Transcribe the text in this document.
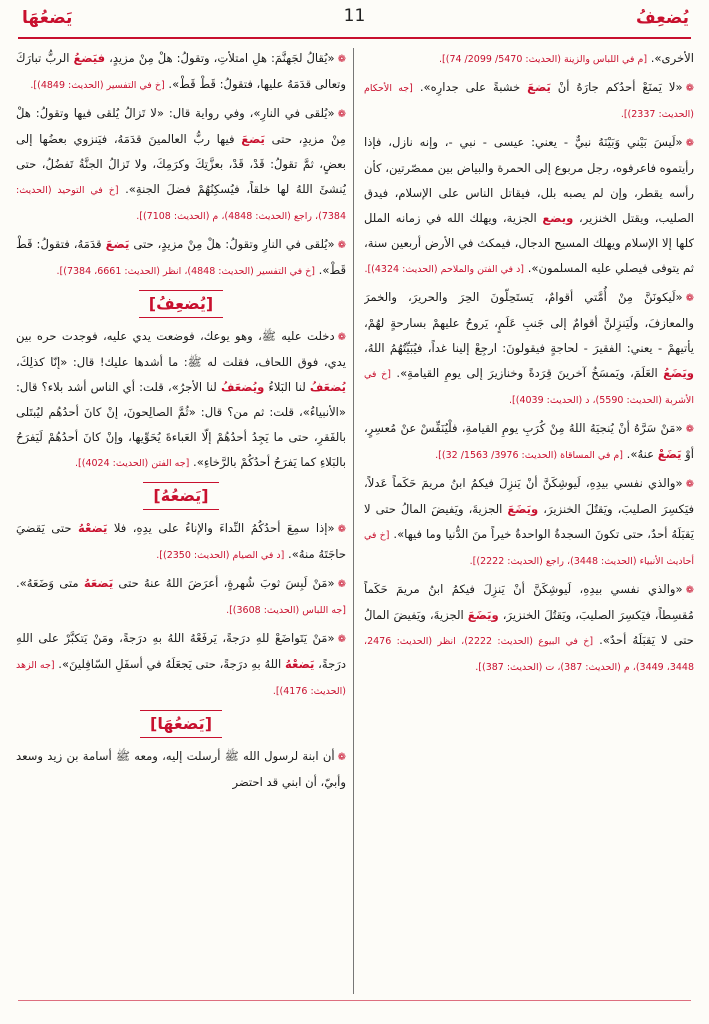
يُضعِفُ
11
يَضعُهَا

الأخرى». [م في اللباس والزينة (الحديث: 5470/ 2099/ 74)].

❁«لا يَمنَعْ أحدُكم جارَهُ أنْ يَضعَ خشبةً على جدارِه». [جه الأحكام (الحديث: 2337)].

❁«لَيسَ بَيْني وَبَيْنَهُ نبيٌّ - يعني: عيسى - نبي -، وإنه نازل، فإذا رأيتموه فاعرفوه، رجل مربوع إلى الحمرة والبياض بين ممصّرتين، كأن رأسه يقطر، وإن لم يصبه بلل، فيقاتل الناس على الإسلام، فيدق الصليب، ويقتل الخنزير، ويضع الجزية، ويهلك الله في زمانه الملل كلها إلا الإسلام ويهلك المسيح الدجال، فيمكث في الأرض أربعين سنة، ثم يتوفى فيصلي عليه المسلمون». [د في الفتن والملاحم (الحديث: 4324)].

❁«لَيكونَنَّ مِنْ أُمَّتي أقوامٌ، يَستَحِلّونَ الحِرَ والحريرَ، والخمرَ والمعازفَ، ولَيَنزِلنَّ أقوامٌ إلى جَنبِ عَلَمٍ، يَروحُ عليهمْ بسارحةٍ لهُمْ، يأتيهمْ - يعني: الفقيرَ - لحاجةٍ فيقولونَ: ارجِعْ إلينا غداً، فيُبَيِّتُهُمُ اللهُ، ويَضَعُ العَلَمَ، ويَمسَخُ آخرينَ قِرَدةً وخنازيرَ إلى يومِ القيامةِ». [خ في الأشربة (الحديث: 5590)، د (الحديث: 4039)].

❁«مَنْ سَرَّهُ أنْ يُنجيَهُ اللهُ مِنْ كُرَبِ يومِ القيامةِ، فلْيُنَفِّسْ عنْ مُعسِرٍ، أوْ يَضَعْ عنهُ». [م في المساقاة (الحديث: 3976/ 1563/ 32)].

❁«والذي نفسي بيدِهِ، لَيوشِكَنَّ أنْ يَنزِلَ فيكمُ ابنُ مريمَ حَكَماً عَدلاً، فيَكسِرَ الصليبَ، ويَقتُلَ الخنزيرَ، ويَضَعَ الجزيةَ، ويَفيضَ المالُ حتى لا يَقبَلَهُ أحدٌ، حتى تكونَ السجدةُ الواحدةُ خيراً منَ الدُّنيا وما فيها». [خ في أحاديث الأنبياء (الحديث: 3448)، راجع (الحديث: 2222)].

❁«والذي نفسي بيدِهِ، لَيوشِكَنَّ أنْ يَنزِلَ فيكمُ ابنُ مريمَ حَكَماً مُقسِطاً، فيَكسِرَ الصليبَ، ويَقتُلَ الخنزيرَ، ويَضَعَ الجزيةَ، ويَفيضَ المالُ حتى لا يَقبَلَهُ أحدٌ». [خ في البيوع (الحديث: 2222)، انظر (الحديث: 2476، 3448، 3449)، م (الحديث: 387)، ت (الحديث: 387)].

❁«يُقالُ لجَهنَّمَ: هلِ امتلأتِ، وتقولُ: هلْ مِنْ مزيدٍ، فيَضعُ الربُّ تبارَكَ وتعالى قدَمَهُ عليها، فتقولُ: قَطْ قَطْ». [خ في التفسير (الحديث: 4849)].

❁«يُلقى في النارِ»، وفي رواية قال: «لا تَزالُ يُلقى فيها وتقولُ: هلْ مِنْ مزيدٍ، حتى يَضعَ فيها ربُّ العالمينَ قدَمَهُ، فيَنزوي بعضُها إلى بعضٍ، ثمَّ تقولُ: قَدْ، قَدْ، بعزَّتِكَ وكرَمِكَ، ولا تَزالُ الجنَّةُ تَفضُلُ، حتى يُنشئَ اللهُ لها خلقاً، فيُسكِنُهُمْ فضلَ الجنةِ». [خ في التوحيد (الحديث: 7384)، راجع (الحديث: 4848)، م (الحديث: 7108)].

❁«يُلقى في النارِ وتقولُ: هلْ مِنْ مزيدٍ، حتى يَضعَ قدَمَهُ، فتقولُ: قَطْ قَطْ». [خ في التفسير (الحديث: 4848)، انظر (الحديث: 6661، 7384)].

[يُضعِفُ]

❁دخلت عليه ﷺ، وهو يوعك، فوضعت يدي عليه، فوجدت حره بين يدي، فوق اللحاف، فقلت له ﷺ: ما أشدها عليك! قال: «إنّا كذلِكَ، يُضعَفُ لنا البَلاءُ ويُضعَفُ لنا الأجرُ»، قلت: أي الناس أشد بلاء؟ قال: «الأنبياءُ»، قلت: ثم من؟ قال: «ثُمَّ الصالِحونَ، إنْ كانَ أحدُهُم ليُبتَلى بالفَقرِ، حتى ما يَجِدُ أحدُهُمْ إلّا العَباءةَ يُحَوِّيها، وإنْ كانَ أحدُهُمْ لَيَفرَحُ بالبَلاءِ كما يَفرَحُ أحدُكُمْ بالرَّخاءِ». [جه الفتن (الحديث: 4024)].

[يَضعُهُ]

❁«إذا سمِعَ أحدُكُمُ النِّداءَ والإناءُ على يدِهِ، فلا يَضعْهُ حتى يَقضيَ حاجَتَهُ منهُ». [د في الصيام (الحديث: 2350)].

❁«مَنْ لَبِسَ ثوبَ شُهرةٍ، أعرَضَ اللهُ عنهُ حتى يَضعَهُ متى وَضَعَهُ». [جه اللباس (الحديث: 3608)].

❁«مَنْ يَتَواضَعْ للهِ درَجةً، يَرفَعْهُ اللهُ بهِ درَجةً، ومَنْ يَتكبَّرْ على اللهِ درَجةً، يَضعْهُ اللهُ بهِ درَجةً، حتى يَجعَلَهُ في أسفَلِ السّافِلينَ». [جه الزهد (الحديث: 4176)].

[يَضعُهَا]

❁أن ابنة لرسول الله ﷺ أرسلت إليه، ومعه ﷺ أسامة بن زيد وسعد وأبيّ، أن ابني قد احتضر
